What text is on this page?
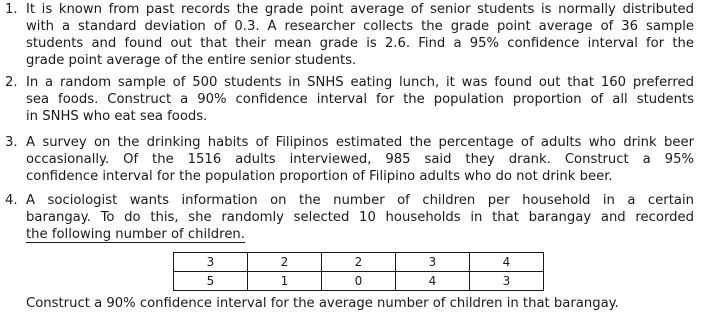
1. It is known from past records the grade point average of senior students is normally distributed
with a standard deviation of 0.3. A researcher collects the grade point average of 36 sample
students and found out that their mean grade is 2.6. Find a 95% confidence interval for the
grade point average of the entire senior students.
2. In a random sample of 500 students in SNHS eating lunch, it was found out that 160 preferred
sea foods. Construct a 90% confidence interval for the population proportion of all students
in SNHS who eat sea foods.
3. A survey on the drinking habits of Filipinos estimated the percentage of adults who drink beer
occasionally. Of the 1516 adults interviewed, 985 said they drank. Construct a 95%
confidence interval for the population proportion of Filipino adults who do not drink beer.
4. A sociologist wants information on the number of children per household in a certain
barangay. To do this, she randomly selected 10 households in that barangay and recorded
the following number of children.
3	2	2	3	4
5	1	0	4	3
Construct a 90% confidence interval for the average number of children in that barangay.
